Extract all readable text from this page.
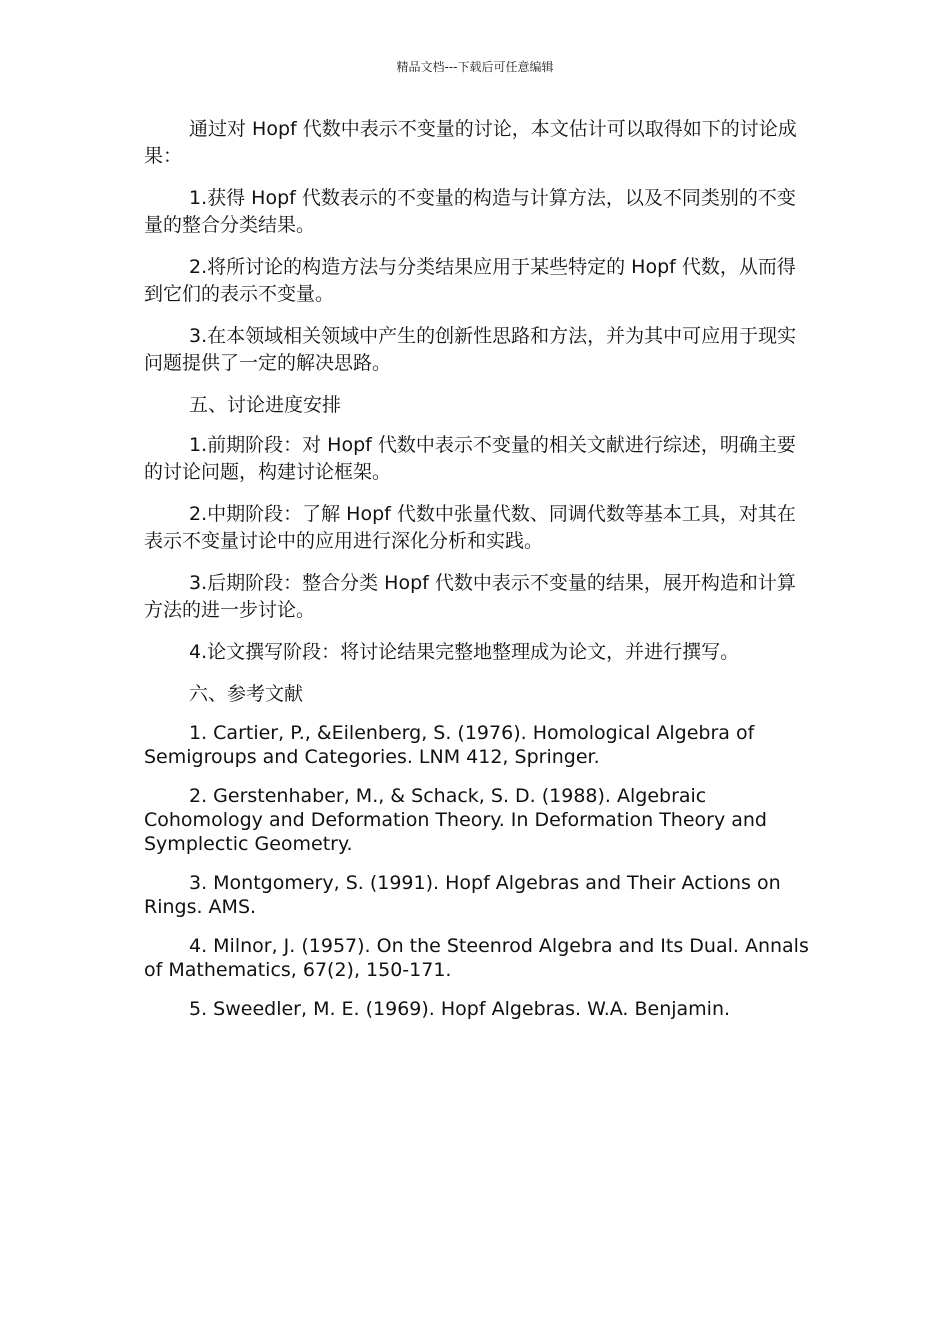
精品文档---下载后可任意编辑

通过对 Hopf 代数中表示不变量的讨论，本文估计可以取得如下的讨论成果：

1.获得 Hopf 代数表示的不变量的构造与计算方法，以及不同类别的不变量的整合分类结果。

2.将所讨论的构造方法与分类结果应用于某些特定的 Hopf 代数，从而得到它们的表示不变量。

3.在本领域相关领域中产生的创新性思路和方法，并为其中可应用于现实问题提供了一定的解决思路。

五、讨论进度安排

1.前期阶段：对 Hopf 代数中表示不变量的相关文献进行综述，明确主要的讨论问题，构建讨论框架。

2.中期阶段：了解 Hopf 代数中张量代数、同调代数等基本工具，对其在表示不变量讨论中的应用进行深化分析和实践。

3.后期阶段：整合分类 Hopf 代数中表示不变量的结果，展开构造和计算方法的进一步讨论。

4.论文撰写阶段：将讨论结果完整地整理成为论文，并进行撰写。

六、参考文献

1. Cartier, P., &Eilenberg, S. (1976). Homological Algebra of Semigroups and Categories. LNM 412, Springer.

2. Gerstenhaber, M., & Schack, S. D. (1988). Algebraic Cohomology and Deformation Theory. In Deformation Theory and Symplectic Geometry.

3. Montgomery, S. (1991). Hopf Algebras and Their Actions on Rings. AMS.

4. Milnor, J. (1957). On the Steenrod Algebra and Its Dual. Annals of Mathematics, 67(2), 150-171.

5. Sweedler, M. E. (1969). Hopf Algebras. W.A. Benjamin.
